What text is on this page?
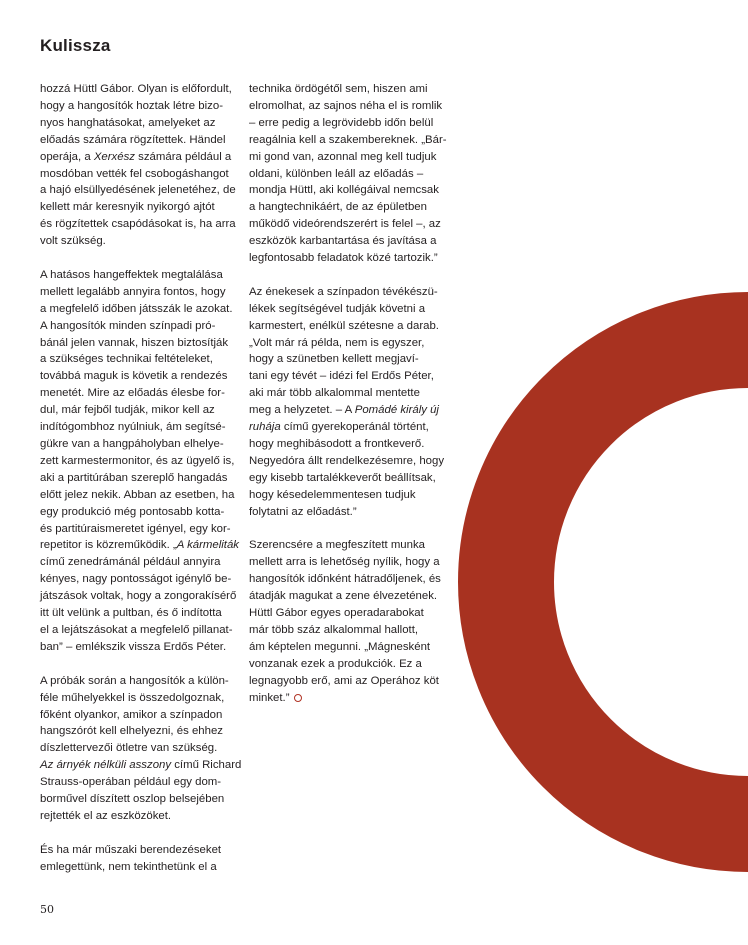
Kulissza

hozzá Hüttl Gábor. Olyan is előfordult,
hogy a hangosítók hoztak létre bizo-
nyos hanghatásokat, amelyeket az
előadás számára rögzítettek. Händel
operája, a Xerxész számára például a
mosdóban vették fel csobogáshangot
a hajó elsüllyedésének jelenetéhez, de
kellett már keresnyik nyikorgó ajtót
és rögzítettek csapódásokat is, ha arra
volt szükség.

A hatásos hangeffektek megtalálása
mellett legalább annyira fontos, hogy
a megfelelő időben játsszák le azokat.
A hangosítók minden színpadi pró-
bánál jelen vannak, hiszen biztosítják
a szükséges technikai feltételeket,
továbbá maguk is követik a rendezés
menetét. Mire az előadás élesbe for-
dul, már fejből tudják, mikor kell az
indítógombhoz nyúlniuk, ám segítsé-
gükre van a hangpáholyban elhelye-
zett karmestermonitor, és az ügyelő is,
aki a partitúrában szereplő hangadás
előtt jelez nekik. Abban az esetben, ha
egy produkció még pontosabb kotta-
és partitúraismeretet igényel, egy kor-
repetitor is közreműködik. „A kármeliták
című zenedrámánál például annyira
kényes, nagy pontosságot igénylő be-
játszások voltak, hogy a zongorakísérő
itt ült velünk a pultban, és ő indította
el a lejátszásokat a megfelelő pillanat-
ban” – emlékszik vissza Erdős Péter.

A próbák során a hangosítók a külön-
féle műhelyekkel is összedolgoznak,
főként olyankor, amikor a színpadon
hangszórót kell elhelyezni, és ehhez
díszlettervezői ötletre van szükség.
Az árnyék nélküli asszony című Richard
Strauss-operában például egy dom-
borművel díszített oszlop belsejében
rejtették el az eszközöket.

És ha már műszaki berendezéseket
emlegettünk, nem tekinthetünk el a

technika ördögétől sem, hiszen ami
elromolhat, az sajnos néha el is romlik
– erre pedig a legrövidebb időn belül
reagálnia kell a szakembereknek. „Bár-
mi gond van, azonnal meg kell tudjuk
oldani, különben leáll az előadás –
mondja Hüttl, aki kollégáival nemcsak
a hangtechnikáért, de az épületben
működő videórendszerért is felel –, az
eszközök karbantartása és javítása a
legfontosabb feladatok közé tartozik.”

Az énekesek a színpadon tévékészü-
lékek segítségével tudják követni a
karmestert, enélkül szétesne a darab.
„Volt már rá példa, nem is egyszer,
hogy a szünetben kellett megjaví-
tani egy tévét – idézi fel Erdős Péter,
aki már több alkalommal mentette
meg a helyzetet. – A Pomádé király új
ruhája című gyerekoperánál történt,
hogy meghibásodott a frontkeverő.
Negyedóra állt rendelkezésemre, hogy
egy kisebb tartalékkeverőt beállítsak,
hogy késedelemmentesen tudjuk
folytatni az előadást.”

Szerencsére a megfeszített munka
mellett arra is lehetőség nyílik, hogy a
hangosítók időnként hátradőljenek, és
átadják magukat a zene élvezetének.
Hüttl Gábor egyes operadarabokat
már több száz alkalommal hallott,
ám képtelen megunni. „Mágnesként
vonzanak ezek a produkciók. Ez a
legnagyobb erő, ami az Operához köt
minket.”

50
